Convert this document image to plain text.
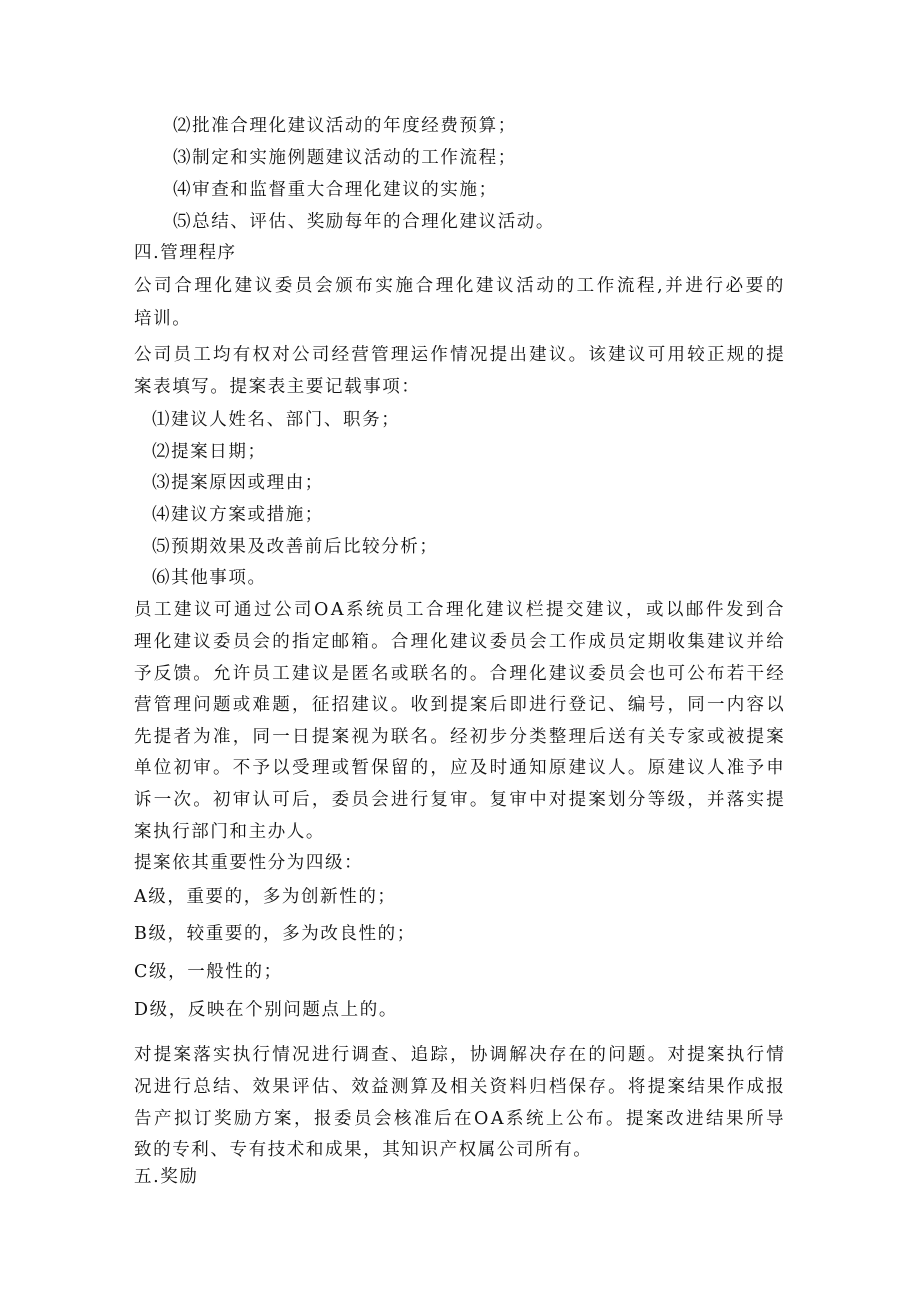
⑵批准合理化建议活动的年度经费预算；
⑶制定和实施例题建议活动的工作流程；
⑷审查和监督重大合理化建议的实施；
⑸总结、评估、奖励每年的合理化建议活动。
四.管理程序
公司合理化建议委员会颁布实施合理化建议活动的工作流程,并进行必要的
培训。
公司员工均有权对公司经营管理运作情况提出建议。该建议可用较正规的提
案表填写。提案表主要记载事项：
⑴建议人姓名、部门、职务；
⑵提案日期；
⑶提案原因或理由；
⑷建议方案或措施；
⑸预期效果及改善前后比较分析；
⑹其他事项。
员工建议可通过公司OA系统员工合理化建议栏提交建议，或以邮件发到合
理化建议委员会的指定邮箱。合理化建议委员会工作成员定期收集建议并给
予反馈。允许员工建议是匿名或联名的。合理化建议委员会也可公布若干经
营管理问题或难题，征招建议。收到提案后即进行登记、编号，同一内容以
先提者为准，同一日提案视为联名。经初步分类整理后送有关专家或被提案
单位初审。不予以受理或暂保留的，应及时通知原建议人。原建议人准予申
诉一次。初审认可后，委员会进行复审。复审中对提案划分等级，并落实提
案执行部门和主办人。
提案依其重要性分为四级：
A级，重要的，多为创新性的；
B级，较重要的，多为改良性的；
C级，一般性的；
D级，反映在个别问题点上的。
对提案落实执行情况进行调查、追踪，协调解决存在的问题。对提案执行情
况进行总结、效果评估、效益测算及相关资料归档保存。将提案结果作成报
告产拟订奖励方案，报委员会核准后在OA系统上公布。提案改进结果所导
致的专利、专有技术和成果，其知识产权属公司所有。
五.奖励
